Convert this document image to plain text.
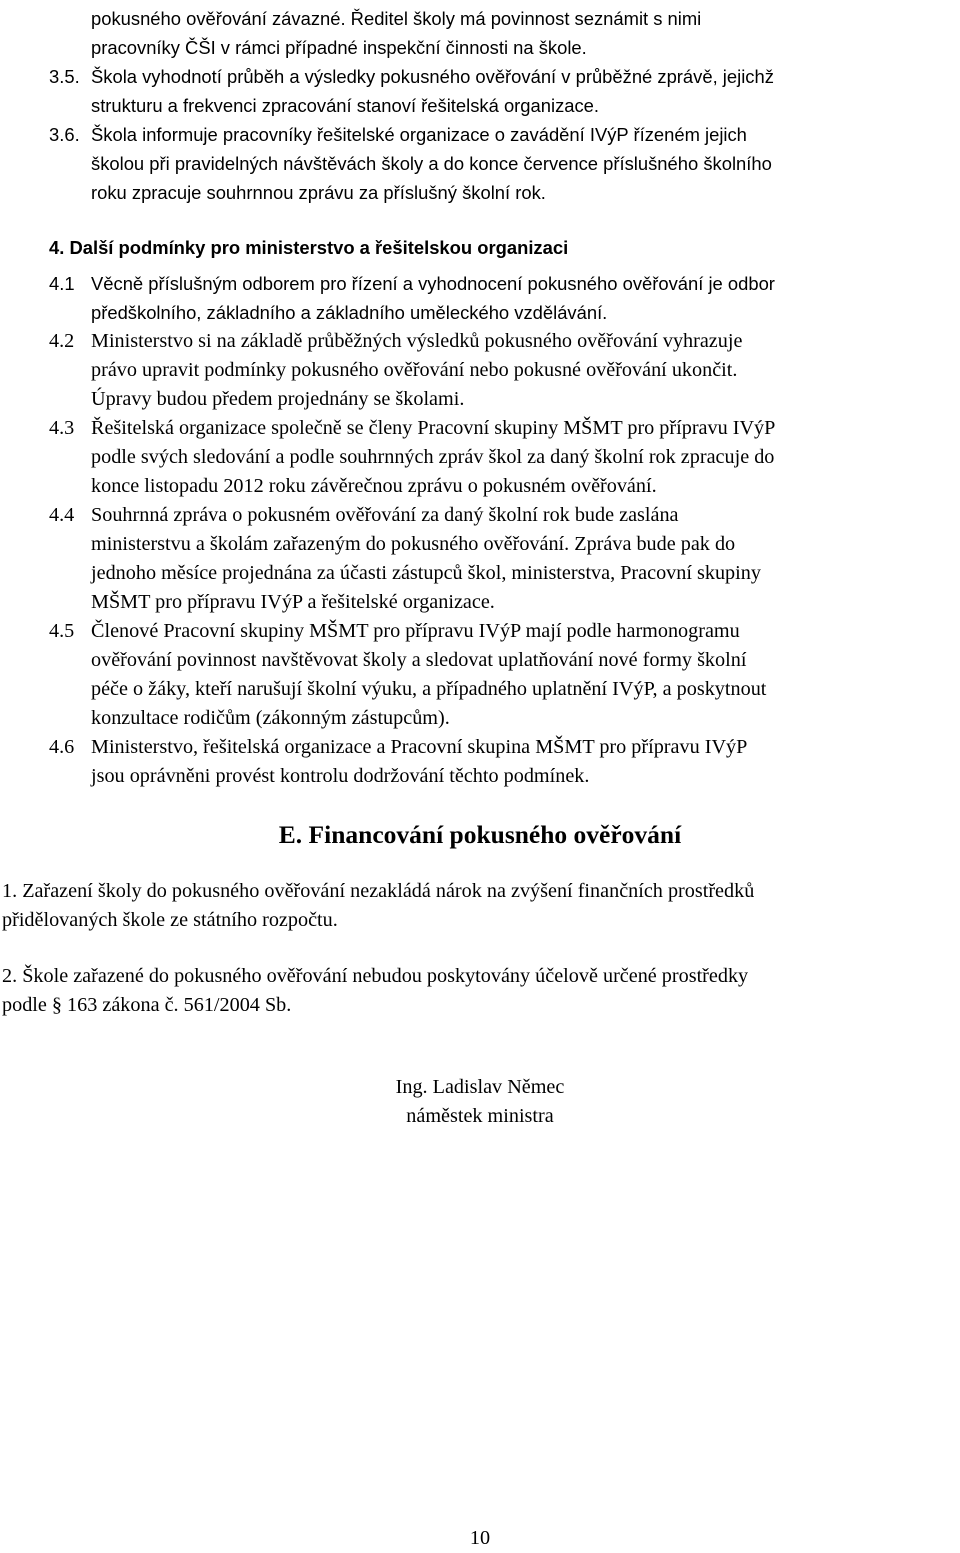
pokusného ověřování závazné. Ředitel školy má povinnost seznámit s nimi
pracovníky ČŠI v rámci případné inspekční činnosti na škole.
3.5. Škola vyhodnotí průběh a výsledky pokusného ověřování v průběžné zprávě, jejichž
strukturu a frekvenci zpracování stanoví řešitelská organizace.
3.6. Škola informuje pracovníky řešitelské organizace o zavádění IVýP řízeném jejich
školou při pravidelných návštěvách školy a do konce července příslušného školního
roku zpracuje souhrnnou zprávu za příslušný školní rok.
4. Další podmínky pro ministerstvo a řešitelskou organizaci
4.1 Věcně příslušným odborem pro řízení a vyhodnocení pokusného ověřování je odbor
předškolního, základního a základního uměleckého vzdělávání.
4.2 Ministerstvo si na základě průběžných výsledků pokusného ověřování vyhrazuje
právo upravit podmínky pokusného ověřování nebo pokusné ověřování ukončit.
Úpravy budou předem projednány se školami.
4.3 Řešitelská organizace společně se členy Pracovní skupiny MŠMT pro přípravu IVýP
podle svých sledování a podle souhrnných zpráv škol za daný školní rok zpracuje do
konce listopadu 2012 roku závěrečnou zprávu o pokusném ověřování.
4.4 Souhrnná zpráva o pokusném ověřování za daný školní rok bude zaslána
ministerstvu a školám zařazeným do pokusného ověřování. Zpráva bude pak do
jednoho měsíce projednána za účasti zástupců škol, ministerstva, Pracovní skupiny
MŠMT pro přípravu IVýP a řešitelské organizace.
4.5 Členové Pracovní skupiny MŠMT pro přípravu IVýP mají podle harmonogramu
ověřování povinnost navštěvovat školy a sledovat uplatňování nové formy školní
péče o žáky, kteří narušují školní výuku, a případného uplatnění IVýP, a poskytnout
konzultace rodičům (zákonným zástupcům).
4.6 Ministerstvo, řešitelská organizace a Pracovní skupina MŠMT pro přípravu IVýP
jsou oprávněni provést kontrolu dodržování těchto podmínek.
E. Financování pokusného ověřování
1. Zařazení školy do pokusného ověřování nezakládá nárok na zvýšení finančních prostředků
přidělovaných škole ze státního rozpočtu.
2. Škole zařazené do pokusného ověřování nebudou poskytovány účelově určené prostředky
podle § 163 zákona č. 561/2004 Sb.
Ing. Ladislav Němec
náměstek ministra
10
